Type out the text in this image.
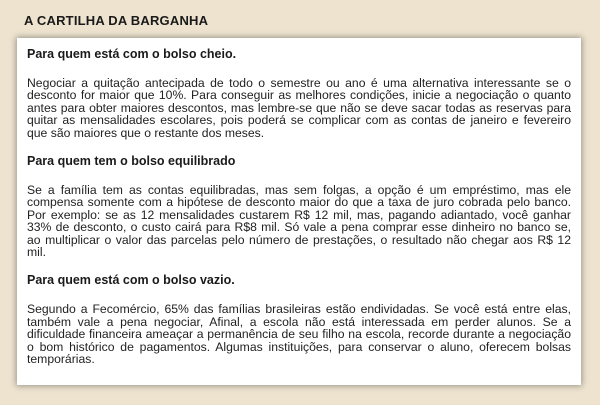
A CARTILHA DA BARGANHA

Para quem está com o bolso cheio.

Negociar a quitação antecipada de todo o semestre ou ano é uma alternativa interessante se o desconto for maior que 10%. Para conseguir as melhores condições, inicie a negociação o quanto antes para obter maiores descontos, mas lembre-se que não se deve sacar todas as reservas para quitar as mensalidades escolares, pois poderá se complicar com as contas de janeiro e fevereiro que são maiores que o restante dos meses.

Para quem tem o bolso equilibrado

Se a família tem as contas equilibradas, mas sem folgas, a opção é um empréstimo, mas ele compensa somente com a hipótese de desconto maior do que a taxa de juro cobrada pelo banco. Por exemplo: se as 12 mensalidades custarem R$ 12 mil, mas, pagando adiantado, você ganhar 33% de desconto, o custo cairá para R$8 mil. Só vale a pena comprar esse dinheiro no banco se, ao multiplicar o valor das parcelas pelo número de prestações, o resultado não chegar aos R$ 12 mil.

Para quem está com o bolso vazio.

Segundo a Fecomércio, 65% das famílias brasileiras estão endividadas. Se você está entre elas, também vale a pena negociar, Afinal, a escola não está interessada em perder alunos. Se a dificuldade financeira ameaçar a permanência de seu filho na escola, recorde durante a negociação o bom histórico de pagamentos. Algumas instituições, para conservar o aluno, oferecem bolsas temporárias.
